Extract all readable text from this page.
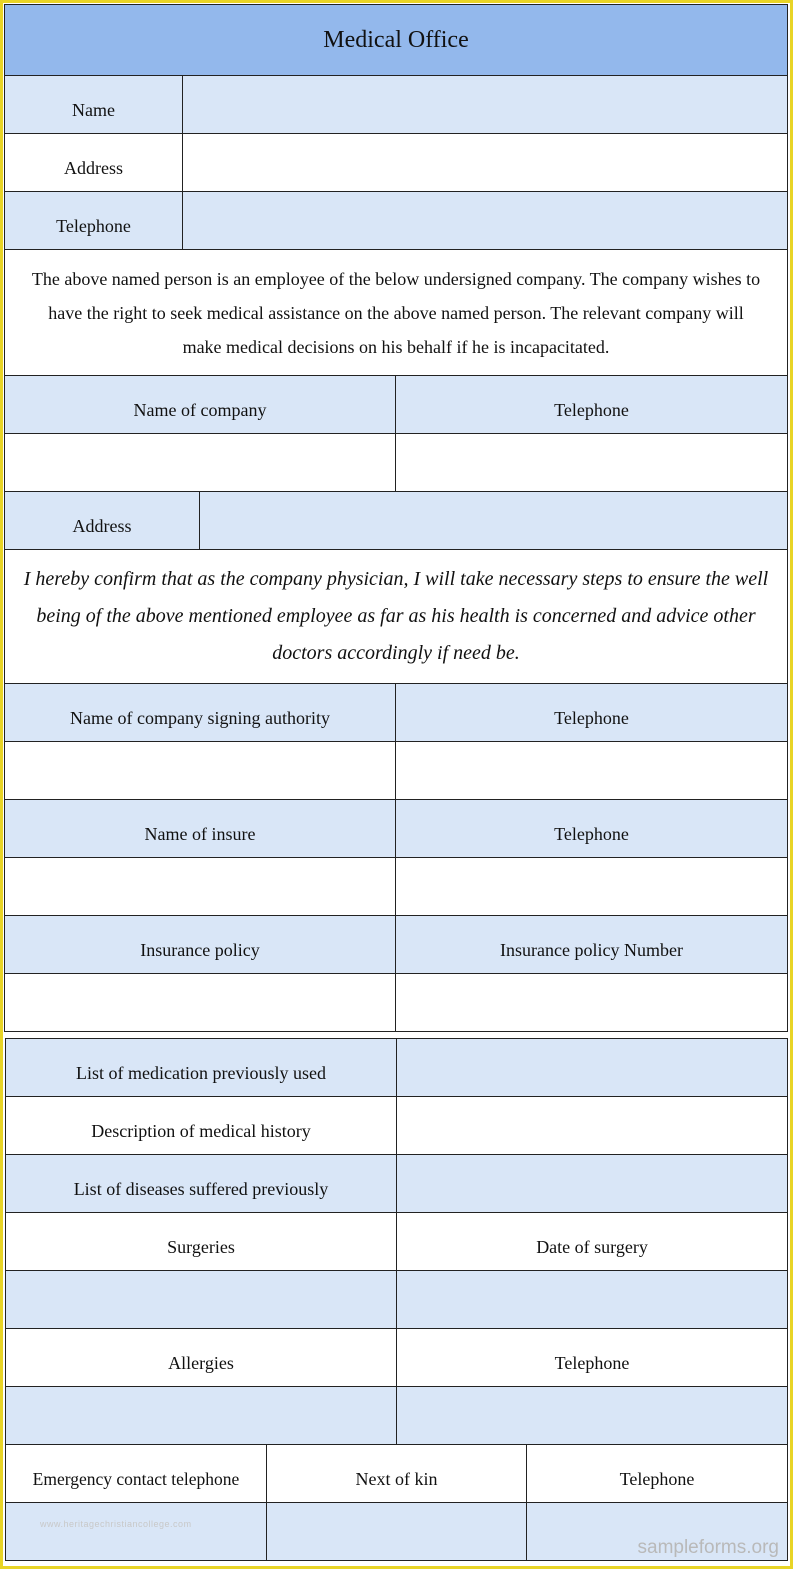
Medical Office			
Name			
Address			
Telephone			
The above named person is an employee of the below undersigned company. The company wishes to have the right to seek medical assistance on the above named person. The relevant company will make medical decisions on his behalf if he is incapacitated.			
Name of company			Telephone

Address			
I hereby confirm that as the company physician, I will take necessary steps to ensure the well being of the above mentioned employee as far as his health is concerned and advice other doctors accordingly if need be.			
Name of company signing authority			Telephone

Name of insure			Telephone

Insurance policy			Insurance policy Number

List of medication previously used			
Description of medical history			
List of diseases suffered previously			
Surgeries		Date of surgery	

Allergies		Telephone	

Emergency contact telephone	Next of kin		Telephone

www.heritagechristiancollege.com
sampleforms.org
